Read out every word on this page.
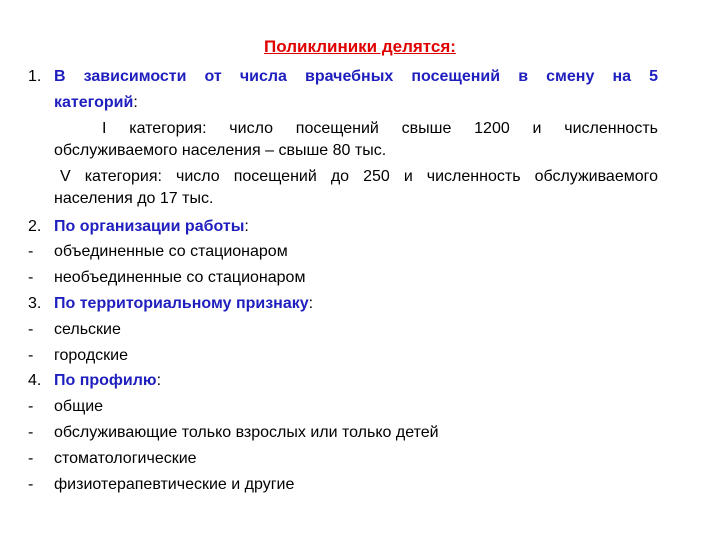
Поликлиники делятся:
1. В зависимости от числа врачебных посещений в смену на 5
категорий:
I категория: число посещений свыше 1200 и численность
обслуживаемого населения – свыше 80 тыс.
V категория: число посещений до 250 и численность обслуживаемого
населения до 17 тыс.
2. По организации работы:
-	объединенные со стационаром
-	необъединенные со стационаром
3. По территориальному признаку:
-	сельские
-	городские
4. По профилю:
-	общие
-	обслуживающие только взрослых или только детей
-	стоматологические
-	физиотерапевтические и другие
